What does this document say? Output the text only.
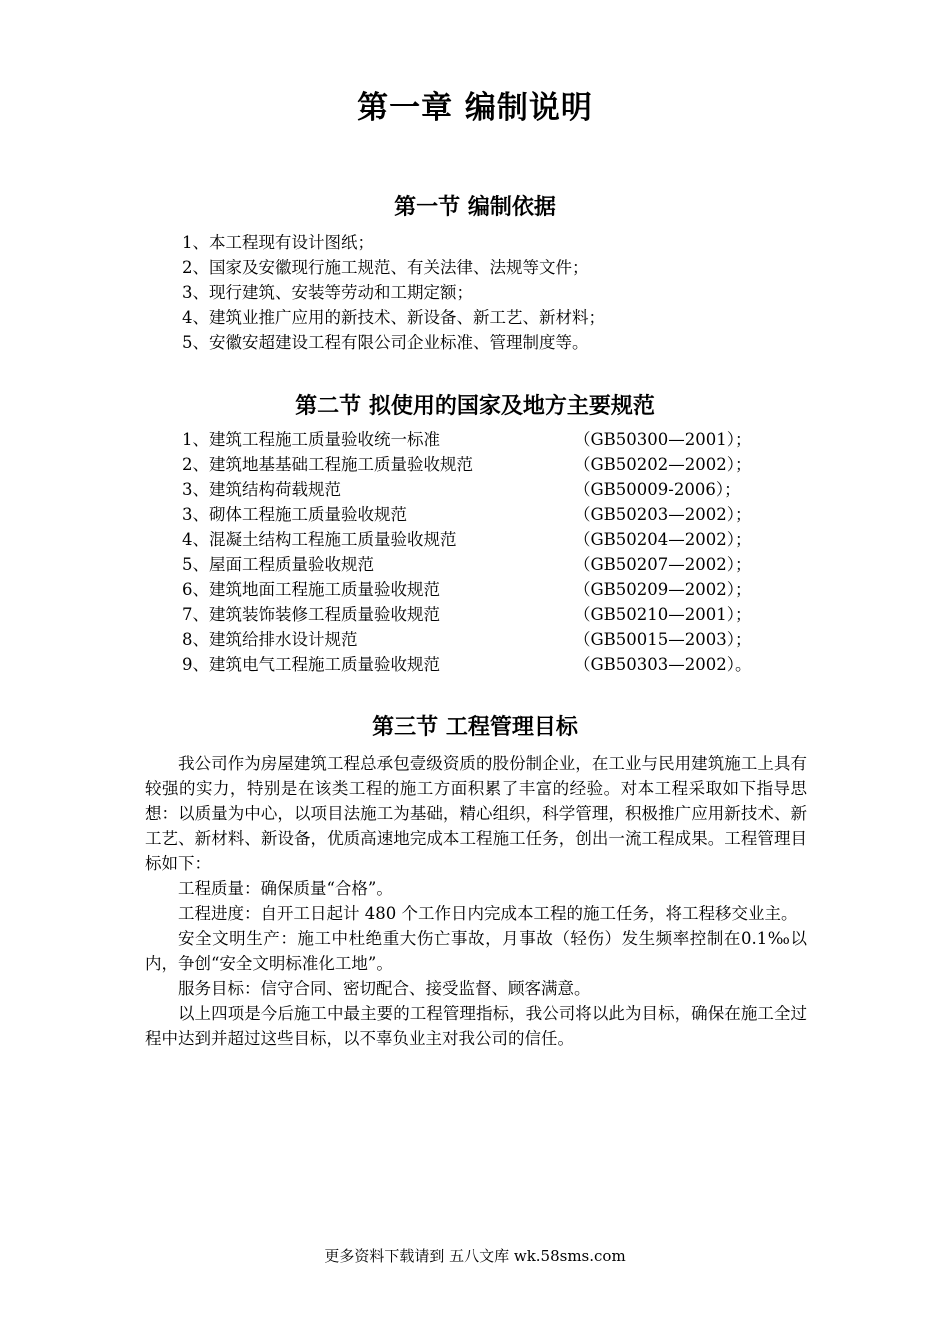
第一章 编制说明
第一节 编制依据
1、本工程现有设计图纸；
2、国家及安徽现行施工规范、有关法律、法规等文件；
3、现行建筑、安装等劳动和工期定额；
4、建筑业推广应用的新技术、新设备、新工艺、新材料；
5、安徽安超建设工程有限公司企业标准、管理制度等。
第二节 拟使用的国家及地方主要规范
1、建筑工程施工质量验收统一标准	（GB50300—2001）；
2、建筑地基基础工程施工质量验收规范	（GB50202—2002）；
3、建筑结构荷载规范	（GB50009-2006）；
3、砌体工程施工质量验收规范	（GB50203—2002）；
4、混凝土结构工程施工质量验收规范	（GB50204—2002）；
5、屋面工程质量验收规范	（GB50207—2002）；
6、建筑地面工程施工质量验收规范	（GB50209—2002）；
7、建筑装饰装修工程质量验收规范	（GB50210—2001）；
8、建筑给排水设计规范	（GB50015—2003）；
9、建筑电气工程施工质量验收规范	（GB50303—2002）。
第三节 工程管理目标

我公司作为房屋建筑工程总承包壹级资质的股份制企业，在工业与民用建筑施工上具有较强的实力，特别是在该类工程的施工方面积累了丰富的经验。对本工程采取如下指导思想：以质量为中心，以项目法施工为基础，精心组织，科学管理，积极推广应用新技术、新工艺、新材料、新设备，优质高速地完成本工程施工任务，创出一流工程成果。工程管理目标如下：

工程质量：确保质量“合格”。

工程进度：自开工日起计 480 个工作日内完成本工程的施工任务，将工程移交业主。

安全文明生产：施工中杜绝重大伤亡事故，月事故（轻伤）发生频率控制在0.1‰以内，争创“安全文明标准化工地”。

服务目标：信守合同、密切配合、接受监督、顾客满意。

以上四项是今后施工中最主要的工程管理指标，我公司将以此为目标，确保在施工全过程中达到并超过这些目标，以不辜负业主对我公司的信任。

更多资料下载请到 五八文库 wk.58sms.com
